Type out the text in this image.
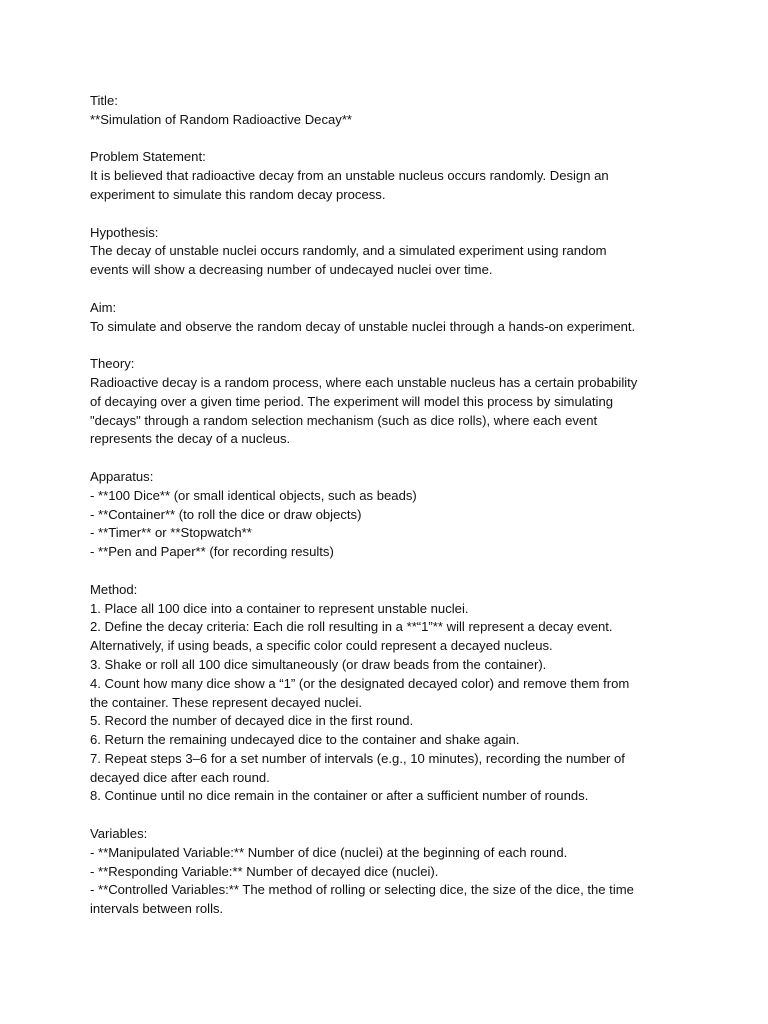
Title:
**Simulation of Random Radioactive Decay**
Problem Statement:
It is believed that radioactive decay from an unstable nucleus occurs randomly. Design an
experiment to simulate this random decay process.
Hypothesis:
The decay of unstable nuclei occurs randomly, and a simulated experiment using random
events will show a decreasing number of undecayed nuclei over time.
Aim:
To simulate and observe the random decay of unstable nuclei through a hands-on experiment.
Theory:
Radioactive decay is a random process, where each unstable nucleus has a certain probability
of decaying over a given time period. The experiment will model this process by simulating
"decays" through a random selection mechanism (such as dice rolls), where each event
represents the decay of a nucleus.
Apparatus:
- **100 Dice** (or small identical objects, such as beads)
- **Container** (to roll the dice or draw objects)
- **Timer** or **Stopwatch**
- **Pen and Paper** (for recording results)
Method:
1. Place all 100 dice into a container to represent unstable nuclei.
2. Define the decay criteria: Each die roll resulting in a **“1”** will represent a decay event.
Alternatively, if using beads, a specific color could represent a decayed nucleus.
3. Shake or roll all 100 dice simultaneously (or draw beads from the container).
4. Count how many dice show a “1” (or the designated decayed color) and remove them from
the container. These represent decayed nuclei.
5. Record the number of decayed dice in the first round.
6. Return the remaining undecayed dice to the container and shake again.
7. Repeat steps 3–6 for a set number of intervals (e.g., 10 minutes), recording the number of
decayed dice after each round.
8. Continue until no dice remain in the container or after a sufficient number of rounds.
Variables:
- **Manipulated Variable:** Number of dice (nuclei) at the beginning of each round.
- **Responding Variable:** Number of decayed dice (nuclei).
- **Controlled Variables:** The method of rolling or selecting dice, the size of the dice, the time
intervals between rolls.
